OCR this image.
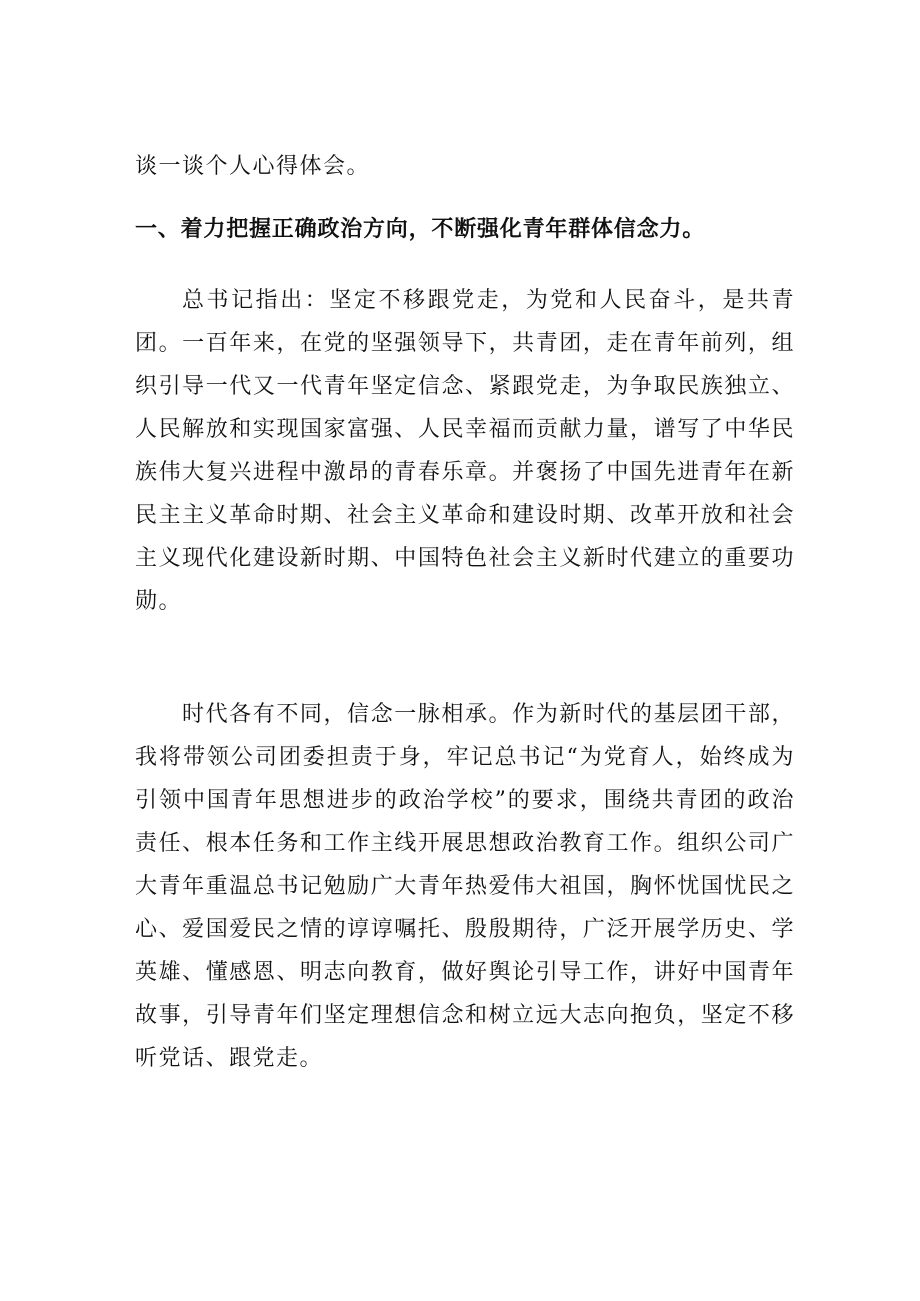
谈一谈个人心得体会。

一、着力把握正确政治方向，不断强化青年群体信念力。

总书记指出：坚定不移跟党走，为党和人民奋斗，是共青团。一百年来，在党的坚强领导下，共青团，走在青年前列，组织引导一代又一代青年坚定信念、紧跟党走，为争取民族独立、人民解放和实现国家富强、人民幸福而贡献力量，谱写了中华民族伟大复兴进程中激昂的青春乐章。并褒扬了中国先进青年在新民主主义革命时期、社会主义革命和建设时期、改革开放和社会主义现代化建设新时期、中国特色社会主义新时代建立的重要功勋。

时代各有不同，信念一脉相承。作为新时代的基层团干部，我将带领公司团委担责于身，牢记总书记“为党育人，始终成为引领中国青年思想进步的政治学校”的要求，围绕共青团的政治责任、根本任务和工作主线开展思想政治教育工作。组织公司广大青年重温总书记勉励广大青年热爱伟大祖国，胸怀忧国忧民之心、爱国爱民之情的谆谆嘱托、殷殷期待，广泛开展学历史、学英雄、懂感恩、明志向教育，做好舆论引导工作，讲好中国青年故事，引导青年们坚定理想信念和树立远大志向抱负，坚定不移听党话、跟党走。
